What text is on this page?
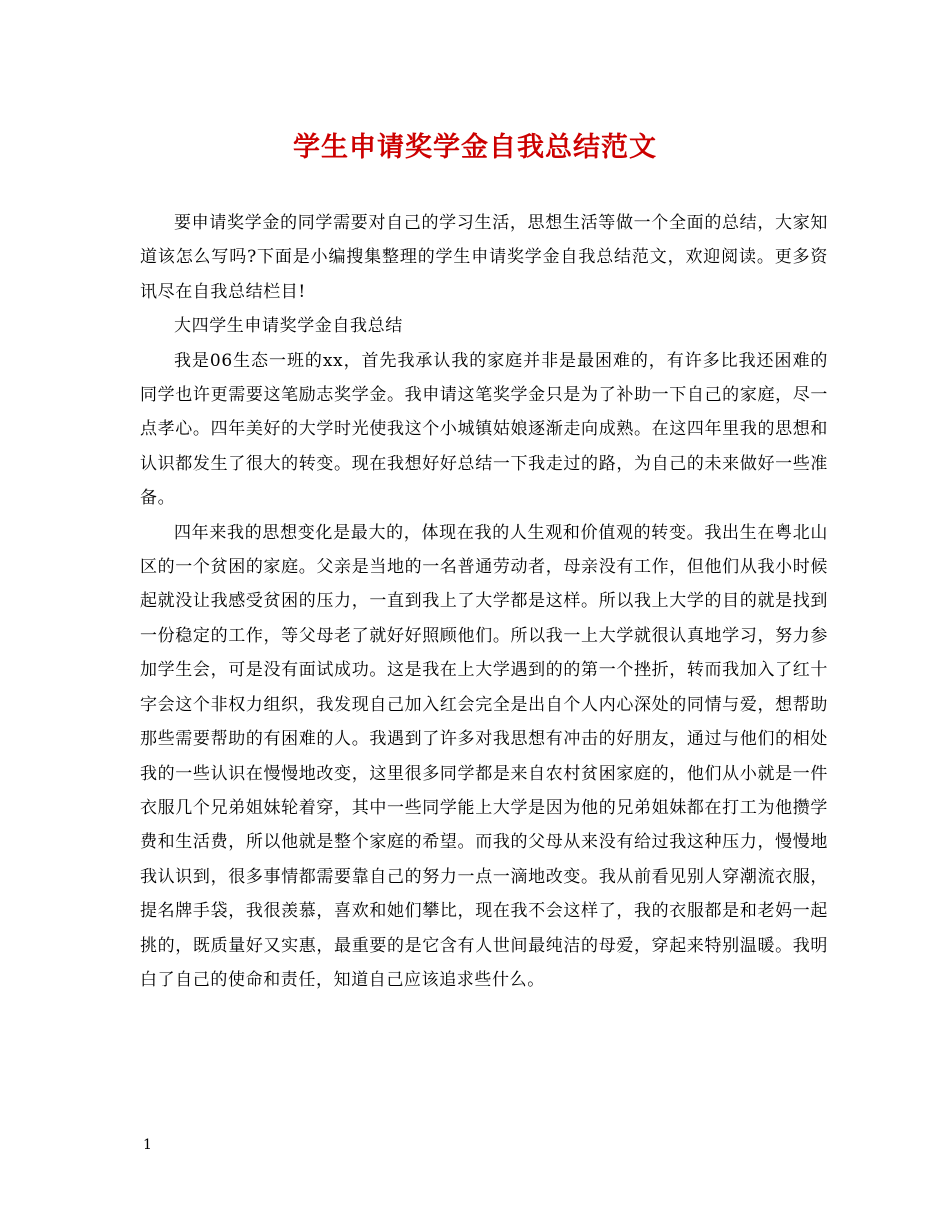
学生申请奖学金自我总结范文

要申请奖学金的同学需要对自己的学习生活，思想生活等做一个全面的总结，大家知道该怎么写吗?下面是小编搜集整理的学生申请奖学金自我总结范文，欢迎阅读。更多资讯尽在自我总结栏目!

大四学生申请奖学金自我总结

我是06生态一班的xx，首先我承认我的家庭并非是最困难的，有许多比我还困难的同学也许更需要这笔励志奖学金。我申请这笔奖学金只是为了补助一下自己的家庭，尽一点孝心。四年美好的大学时光使我这个小城镇姑娘逐渐走向成熟。在这四年里我的思想和认识都发生了很大的转变。现在我想好好总结一下我走过的路，为自己的未来做好一些准备。

四年来我的思想变化是最大的，体现在我的人生观和价值观的转变。我出生在粤北山区的一个贫困的家庭。父亲是当地的一名普通劳动者，母亲没有工作，但他们从我小时候起就没让我感受贫困的压力，一直到我上了大学都是这样。所以我上大学的目的就是找到一份稳定的工作，等父母老了就好好照顾他们。所以我一上大学就很认真地学习，努力参加学生会，可是没有面试成功。这是我在上大学遇到的的第一个挫折，转而我加入了红十字会这个非权力组织，我发现自己加入红会完全是出自个人内心深处的同情与爱，想帮助那些需要帮助的有困难的人。我遇到了许多对我思想有冲击的好朋友，通过与他们的相处我的一些认识在慢慢地改变，这里很多同学都是来自农村贫困家庭的，他们从小就是一件衣服几个兄弟姐妹轮着穿，其中一些同学能上大学是因为他的兄弟姐妹都在打工为他攒学费和生活费，所以他就是整个家庭的希望。而我的父母从来没有给过我这种压力，慢慢地我认识到，很多事情都需要靠自己的努力一点一滴地改变。我从前看见别人穿潮流衣服，提名牌手袋，我很羡慕，喜欢和她们攀比，现在我不会这样了，我的衣服都是和老妈一起挑的，既质量好又实惠，最重要的是它含有人世间最纯洁的母爱，穿起来特别温暖。我明白了自己的使命和责任，知道自己应该追求些什么。

1
